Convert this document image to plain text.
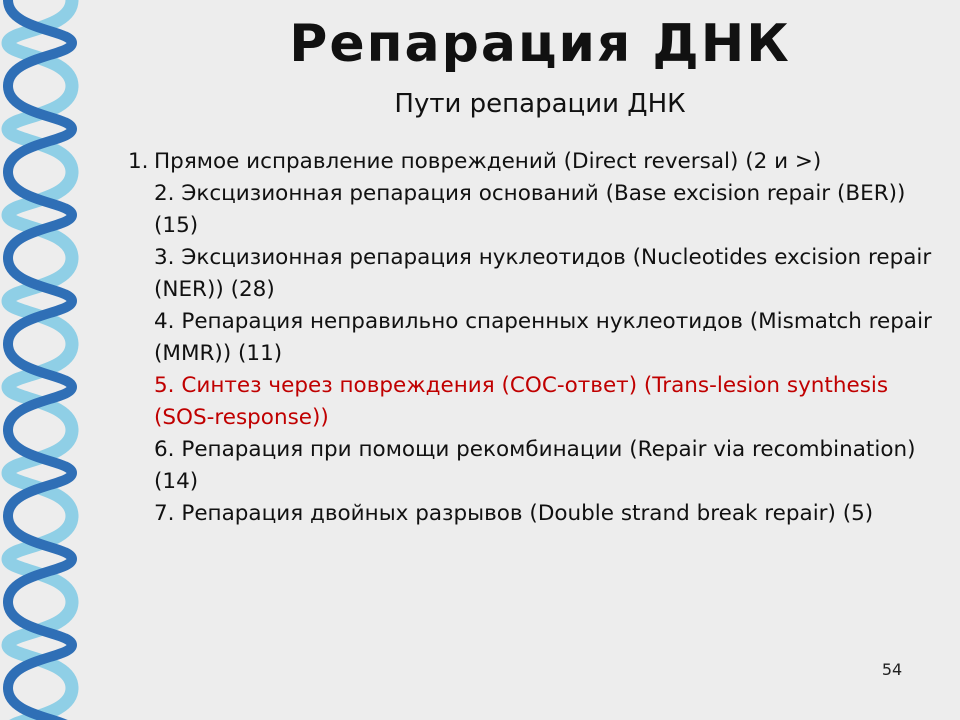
Репарация ДНК
Пути репарации ДНК
1. Прямое исправление повреждений (Direct reversal) (2 и >)
2. Эксцизионная репарация оснований (Base excision repair (BER)) (15)
3. Эксцизионная репарация нуклеотидов (Nucleotides excision repair (NER)) (28)
4. Репарация неправильно спаренных нуклеотидов (Mismatch repair (MMR)) (11)
5. Синтез через повреждения (СОС-ответ) (Trans-lesion synthesis (SOS-response))
6. Репарация при помощи рекомбинации (Repair via recombination) (14)
7. Репарация двойных разрывов (Double strand break repair) (5)
54
